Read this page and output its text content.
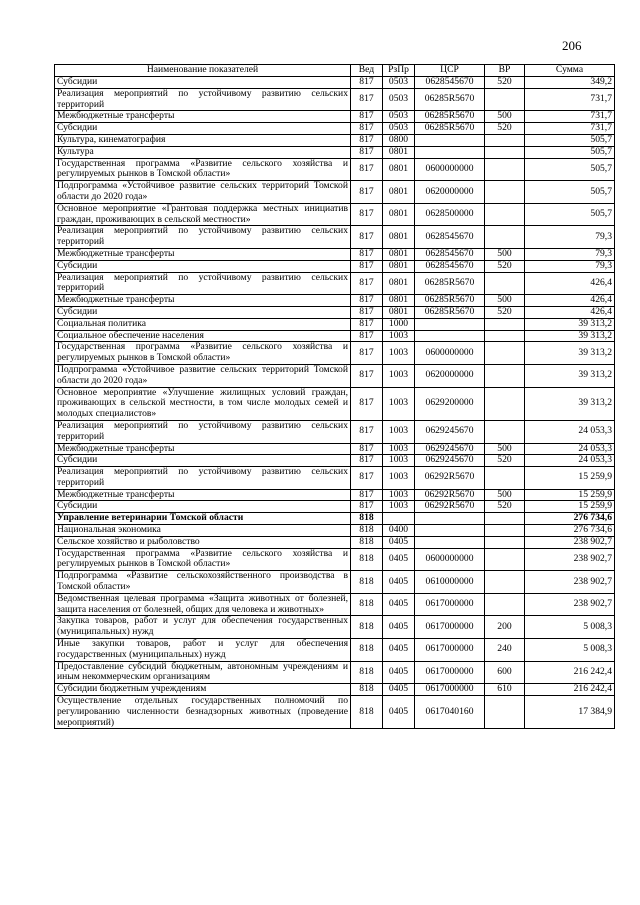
206
Наименование показателей	Вед	РзПр	ЦСР	ВР	Сумма
Субсидии	817	0503	0628545670	520	349,2
Реализация мероприятий по устойчивому развитию сельских территорий	817	0503	06285R5670		731,7
Межбюджетные трансферты	817	0503	06285R5670	500	731,7
Субсидии	817	0503	06285R5670	520	731,7
Культура, кинематография	817	0800			505,7
Культура	817	0801			505,7
Государственная программа «Развитие сельского хозяйства и регулируемых рынков в Томской области»	817	0801	0600000000		505,7
Подпрограмма «Устойчивое развитие сельских территорий Томской области до 2020 года»	817	0801	0620000000		505,7
Основное мероприятие «Грантовая поддержка местных инициатив граждан, проживающих в сельской местности»	817	0801	0628500000		505,7
Реализация мероприятий по устойчивому развитию сельских территорий	817	0801	0628545670		79,3
Межбюджетные трансферты	817	0801	0628545670	500	79,3
Субсидии	817	0801	0628545670	520	79,3
Реализация мероприятий по устойчивому развитию сельских территорий	817	0801	06285R5670		426,4
Межбюджетные трансферты	817	0801	06285R5670	500	426,4
Субсидии	817	0801	06285R5670	520	426,4
Социальная политика	817	1000			39 313,2
Социальное обеспечение населения	817	1003			39 313,2
Государственная программа «Развитие сельского хозяйства и регулируемых рынков в Томской области»	817	1003	0600000000		39 313,2
Подпрограмма «Устойчивое развитие сельских территорий Томской области до 2020 года»	817	1003	0620000000		39 313,2
Основное мероприятие «Улучшение жилищных условий граждан, проживающих в сельской местности, в том числе молодых семей и молодых специалистов»	817	1003	0629200000		39 313,2
Реализация мероприятий по устойчивому развитию сельских территорий	817	1003	0629245670		24 053,3
Межбюджетные трансферты	817	1003	0629245670	500	24 053,3
Субсидии	817	1003	0629245670	520	24 053,3
Реализация мероприятий по устойчивому развитию сельских территорий	817	1003	06292R5670		15 259,9
Межбюджетные трансферты	817	1003	06292R5670	500	15 259,9
Субсидии	817	1003	06292R5670	520	15 259,9
Управление ветеринарии Томской области	818				276 734,6
Национальная экономика	818	0400			276 734,6
Сельское хозяйство и рыболовство	818	0405			238 902,7
Государственная программа «Развитие сельского хозяйства и регулируемых рынков в Томской области»	818	0405	0600000000		238 902,7
Подпрограмма «Развитие сельскохозяйственного производства в Томской области»	818	0405	0610000000		238 902,7
Ведомственная целевая программа «Защита животных от болезней, защита населения от болезней, общих для человека и животных»	818	0405	0617000000		238 902,7
Закупка товаров, работ и услуг для обеспечения государственных (муниципальных) нужд	818	0405	0617000000	200	5 008,3
Иные закупки товаров, работ и услуг для обеспечения государственных (муниципальных) нужд	818	0405	0617000000	240	5 008,3
Предоставление субсидий бюджетным, автономным учреждениям и иным некоммерческим организациям	818	0405	0617000000	600	216 242,4
Субсидии бюджетным учреждениям	818	0405	0617000000	610	216 242,4
Осуществление отдельных государственных полномочий по регулированию численности безнадзорных животных (проведение мероприятий)	818	0405	0617040160		17 384,9
